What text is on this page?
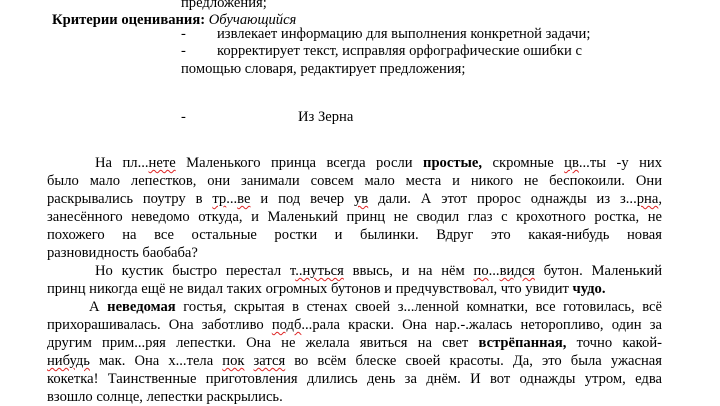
предложения;
Критерии оценивания: Обучающийся
- извлекает информацию для выполнения конкретной задачи;
- корректирует текст, исправляя орфографические ошибки с
помощью словаря, редактирует предложения;
-	Из Зерна
На пл...нете Маленького принца всегда росли простые, скромные цв...ты -у них
было мало лепестков, они занимали совсем мало места и никого не беспокоили. Они
раскрывались поутру в тр...ве и под вечер ув дали. А этот пророс однажды из з...рна,
занесённого неведомо откуда, и Маленький принц не сводил глаз с крохотного ростка, не
похожего на все остальные ростки и былинки. Вдруг это какая-нибудь новая
разновидность баобаба?
Но кустик быстро перестал т..нуться ввысь, и на нём по...видся бутон. Маленький
принц никогда ещё не видал таких огромных бутонов и предчувствовал, что увидит чудо.
А неведомая гостья, скрытая в стенах своей з...ленной комнатки, все готовилась, всё
прихорашивалась. Она заботливо подб...рала краски. Она нар.-.жалась неторопливо, один за
другим прим...ряя лепестки. Она не желала явиться на свет встрёпанная, точно какой-
нибудь мак. Она х...тела пок затся во всём блеске своей красоты. Да, это была ужасная
кокетка! Таинственные приготовления длились день за днём. И вот однажды утром, едва
взошло солнце, лепестки раскрылись.
